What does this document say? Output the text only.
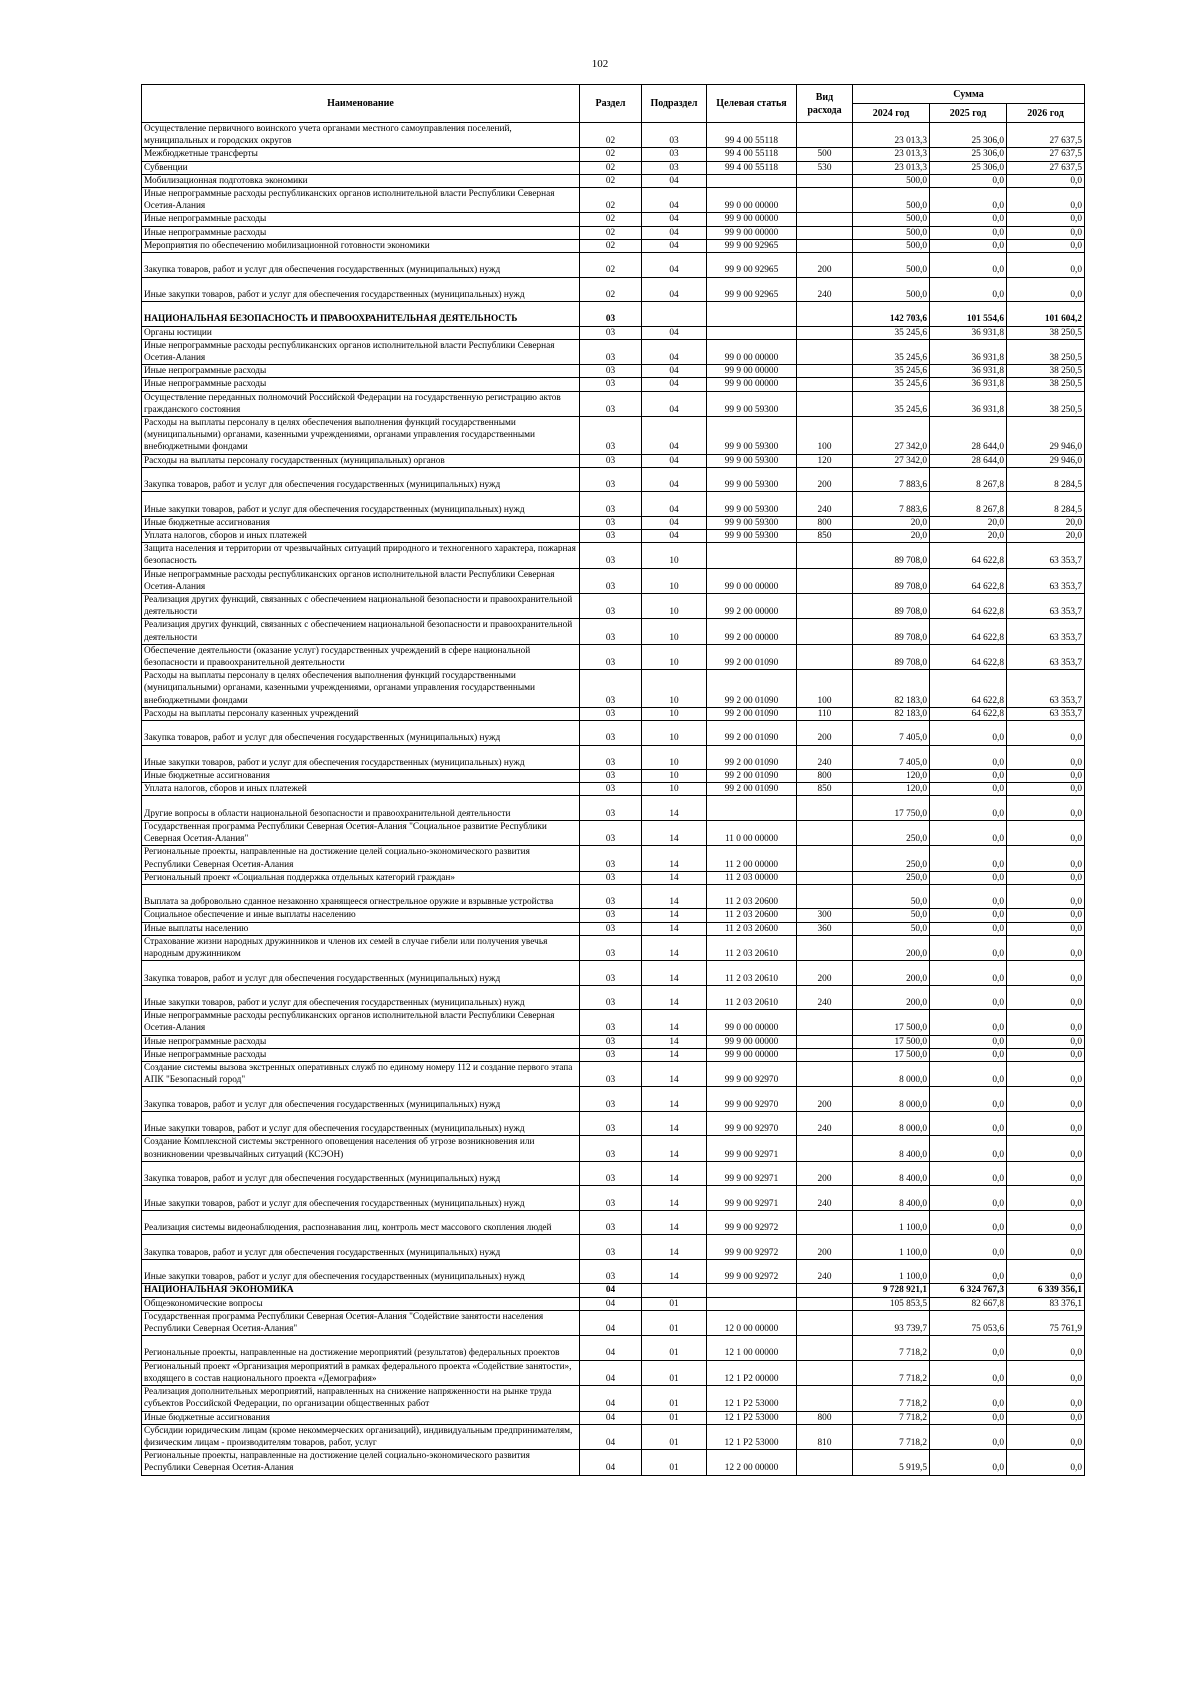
102
Наименование	Раздел	Подраздел	Целевая статья	Вид расхода	Сумма		
					2024 год	2025 год	2026 год
Осуществление первичного воинского учета органами местного самоуправления поселений, муниципальных и городских округов	02	03	99 4 00 55118		23 013,3	25 306,0	27 637,5
Межбюджетные трансферты	02	03	99 4 00 55118	500	23 013,3	25 306,0	27 637,5
Субвенции	02	03	99 4 00 55118	530	23 013,3	25 306,0	27 637,5
Мобилизационная подготовка экономики	02	04			500,0	0,0	0,0
Иные непрограммные расходы республиканских органов исполнительной власти Республики Северная Осетия-Алания	02	04	99 0 00 00000		500,0	0,0	0,0
Иные непрограммные расходы	02	04	99 9 00 00000		500,0	0,0	0,0
Иные непрограммные расходы	02	04	99 9 00 00000		500,0	0,0	0,0
Мероприятия по обеспечению мобилизационной готовности экономики	02	04	99 9 00 92965		500,0	0,0	0,0
Закупка товаров, работ и услуг для обеспечения государственных (муниципальных) нужд	02	04	99 9 00 92965	200	500,0	0,0	0,0
Иные закупки товаров, работ и услуг для обеспечения государственных (муниципальных) нужд	02	04	99 9 00 92965	240	500,0	0,0	0,0
НАЦИОНАЛЬНАЯ БЕЗОПАСНОСТЬ И ПРАВООХРАНИТЕЛЬНАЯ ДЕЯТЕЛЬНОСТЬ	03				142 703,6	101 554,6	101 604,2
Органы юстиции	03	04			35 245,6	36 931,8	38 250,5
Иные непрограммные расходы республиканских органов исполнительной власти Республики Северная Осетия-Алания	03	04	99 0 00 00000		35 245,6	36 931,8	38 250,5
Иные непрограммные расходы	03	04	99 9 00 00000		35 245,6	36 931,8	38 250,5
Иные непрограммные расходы	03	04	99 9 00 00000		35 245,6	36 931,8	38 250,5
Осуществление переданных полномочий Российской Федерации на государственную регистрацию актов гражданского состояния	03	04	99 9 00 59300		35 245,6	36 931,8	38 250,5
Расходы на выплаты персоналу в целях обеспечения выполнения функций государственными (муниципальными) органами, казенными учреждениями, органами управления государственными внебюджетными фондами	03	04	99 9 00 59300	100	27 342,0	28 644,0	29 946,0
Расходы на выплаты персоналу государственных (муниципальных) органов	03	04	99 9 00 59300	120	27 342,0	28 644,0	29 946,0
Закупка товаров, работ и услуг для обеспечения государственных (муниципальных) нужд	03	04	99 9 00 59300	200	7 883,6	8 267,8	8 284,5
Иные закупки товаров, работ и услуг для обеспечения государственных (муниципальных) нужд	03	04	99 9 00 59300	240	7 883,6	8 267,8	8 284,5
Иные бюджетные ассигнования	03	04	99 9 00 59300	800	20,0	20,0	20,0
Уплата налогов, сборов и иных платежей	03	04	99 9 00 59300	850	20,0	20,0	20,0
Защита населения и территории от чрезвычайных ситуаций природного и техногенного характера, пожарная безопасность	03	10			89 708,0	64 622,8	63 353,7
Иные непрограммные расходы республиканских органов исполнительной власти Республики Северная Осетия-Алания	03	10	99 0 00 00000		89 708,0	64 622,8	63 353,7
Реализация других функций, связанных с обеспечением национальной безопасности и правоохранительной деятельности	03	10	99 2 00 00000		89 708,0	64 622,8	63 353,7
Реализация других функций, связанных с обеспечением национальной безопасности и правоохранительной деятельности	03	10	99 2 00 00000		89 708,0	64 622,8	63 353,7
Обеспечение деятельности (оказание услуг) государственных учреждений в сфере национальной безопасности и правоохранительной деятельности	03	10	99 2 00 01090		89 708,0	64 622,8	63 353,7
Расходы на выплаты персоналу в целях обеспечения выполнения функций государственными (муниципальными) органами, казенными учреждениями, органами управления государственными внебюджетными фондами	03	10	99 2 00 01090	100	82 183,0	64 622,8	63 353,7
Расходы на выплаты персоналу казенных учреждений	03	10	99 2 00 01090	110	82 183,0	64 622,8	63 353,7
Закупка товаров, работ и услуг для обеспечения государственных (муниципальных) нужд	03	10	99 2 00 01090	200	7 405,0	0,0	0,0
Иные закупки товаров, работ и услуг для обеспечения государственных (муниципальных) нужд	03	10	99 2 00 01090	240	7 405,0	0,0	0,0
Иные бюджетные ассигнования	03	10	99 2 00 01090	800	120,0	0,0	0,0
Уплата налогов, сборов и иных платежей	03	10	99 2 00 01090	850	120,0	0,0	0,0
Другие вопросы в области национальной безопасности и правоохранительной деятельности	03	14			17 750,0	0,0	0,0
Государственная программа Республики Северная Осетия-Алания "Социальное развитие Республики Северная Осетия-Алания"	03	14	11 0 00 00000		250,0	0,0	0,0
Региональные проекты, направленные на достижение целей социально-экономического развития Республики Северная Осетия-Алания	03	14	11 2 00 00000		250,0	0,0	0,0
Региональный проект «Социальная поддержка отдельных категорий граждан»	03	14	11 2 03 00000		250,0	0,0	0,0
Выплата за добровольно сданное незаконно хранящееся огнестрельное оружие и взрывные устройства	03	14	11 2 03 20600		50,0	0,0	0,0
Социальное обеспечение и иные выплаты населению	03	14	11 2 03 20600	300	50,0	0,0	0,0
Иные выплаты населению	03	14	11 2 03 20600	360	50,0	0,0	0,0
Страхование жизни народных дружинников и членов их семей в случае гибели или получения увечья народным дружинником	03	14	11 2 03 20610		200,0	0,0	0,0
Закупка товаров, работ и услуг для обеспечения государственных (муниципальных) нужд	03	14	11 2 03 20610	200	200,0	0,0	0,0
Иные закупки товаров, работ и услуг для обеспечения государственных (муниципальных) нужд	03	14	11 2 03 20610	240	200,0	0,0	0,0
Иные непрограммные расходы республиканских органов исполнительной власти Республики Северная Осетия-Алания	03	14	99 0 00 00000		17 500,0	0,0	0,0
Иные непрограммные расходы	03	14	99 9 00 00000		17 500,0	0,0	0,0
Иные непрограммные расходы	03	14	99 9 00 00000		17 500,0	0,0	0,0
Создание системы вызова экстренных оперативных служб по единому номеру 112 и создание первого этапа АПК "Безопасный город"	03	14	99 9 00 92970		8 000,0	0,0	0,0
Закупка товаров, работ и услуг для обеспечения государственных (муниципальных) нужд	03	14	99 9 00 92970	200	8 000,0	0,0	0,0
Иные закупки товаров, работ и услуг для обеспечения государственных (муниципальных) нужд	03	14	99 9 00 92970	240	8 000,0	0,0	0,0
Создание Комплексной системы экстренного оповещения населения об угрозе возникновения или возникновении чрезвычайных ситуаций (КСЭОН)	03	14	99 9 00 92971		8 400,0	0,0	0,0
Закупка товаров, работ и услуг для обеспечения государственных (муниципальных) нужд	03	14	99 9 00 92971	200	8 400,0	0,0	0,0
Иные закупки товаров, работ и услуг для обеспечения государственных (муниципальных) нужд	03	14	99 9 00 92971	240	8 400,0	0,0	0,0
Реализация системы видеонаблюдения, распознавания лиц, контроль мест массового скопления людей	03	14	99 9 00 92972		1 100,0	0,0	0,0
Закупка товаров, работ и услуг для обеспечения государственных (муниципальных) нужд	03	14	99 9 00 92972	200	1 100,0	0,0	0,0
Иные закупки товаров, работ и услуг для обеспечения государственных (муниципальных) нужд	03	14	99 9 00 92972	240	1 100,0	0,0	0,0
НАЦИОНАЛЬНАЯ ЭКОНОМИКА	04				9 728 921,1	6 324 767,3	6 339 356,1
Общеэкономические вопросы	04	01			105 853,5	82 667,8	83 376,1
Государственная программа Республики Северная Осетия-Алания "Содействие занятости населения Республики Северная Осетия-Алания"	04	01	12 0 00 00000		93 739,7	75 053,6	75 761,9
Региональные проекты, направленные на достижение мероприятий (результатов) федеральных проектов	04	01	12 1 00 00000		7 718,2	0,0	0,0
Региональный проект «Организация мероприятий в рамках федерального проекта «Содействие занятости», входящего в состав национального проекта «Демография»	04	01	12 1 P2 00000		7 718,2	0,0	0,0
Реализация дополнительных мероприятий, направленных на снижение напряженности на рынке труда субъектов Российской Федерации, по организации общественных работ	04	01	12 1 P2 53000		7 718,2	0,0	0,0
Иные бюджетные ассигнования	04	01	12 1 P2 53000	800	7 718,2	0,0	0,0
Субсидии юридическим лицам (кроме некоммерческих организаций), индивидуальным предпринимателям, физическим лицам - производителям товаров, работ, услуг	04	01	12 1 P2 53000	810	7 718,2	0,0	0,0
Региональные проекты, направленные на достижение целей социально-экономического развития Республики Северная Осетия-Алания	04	01	12 2 00 00000		5 919,5	0,0	0,0
